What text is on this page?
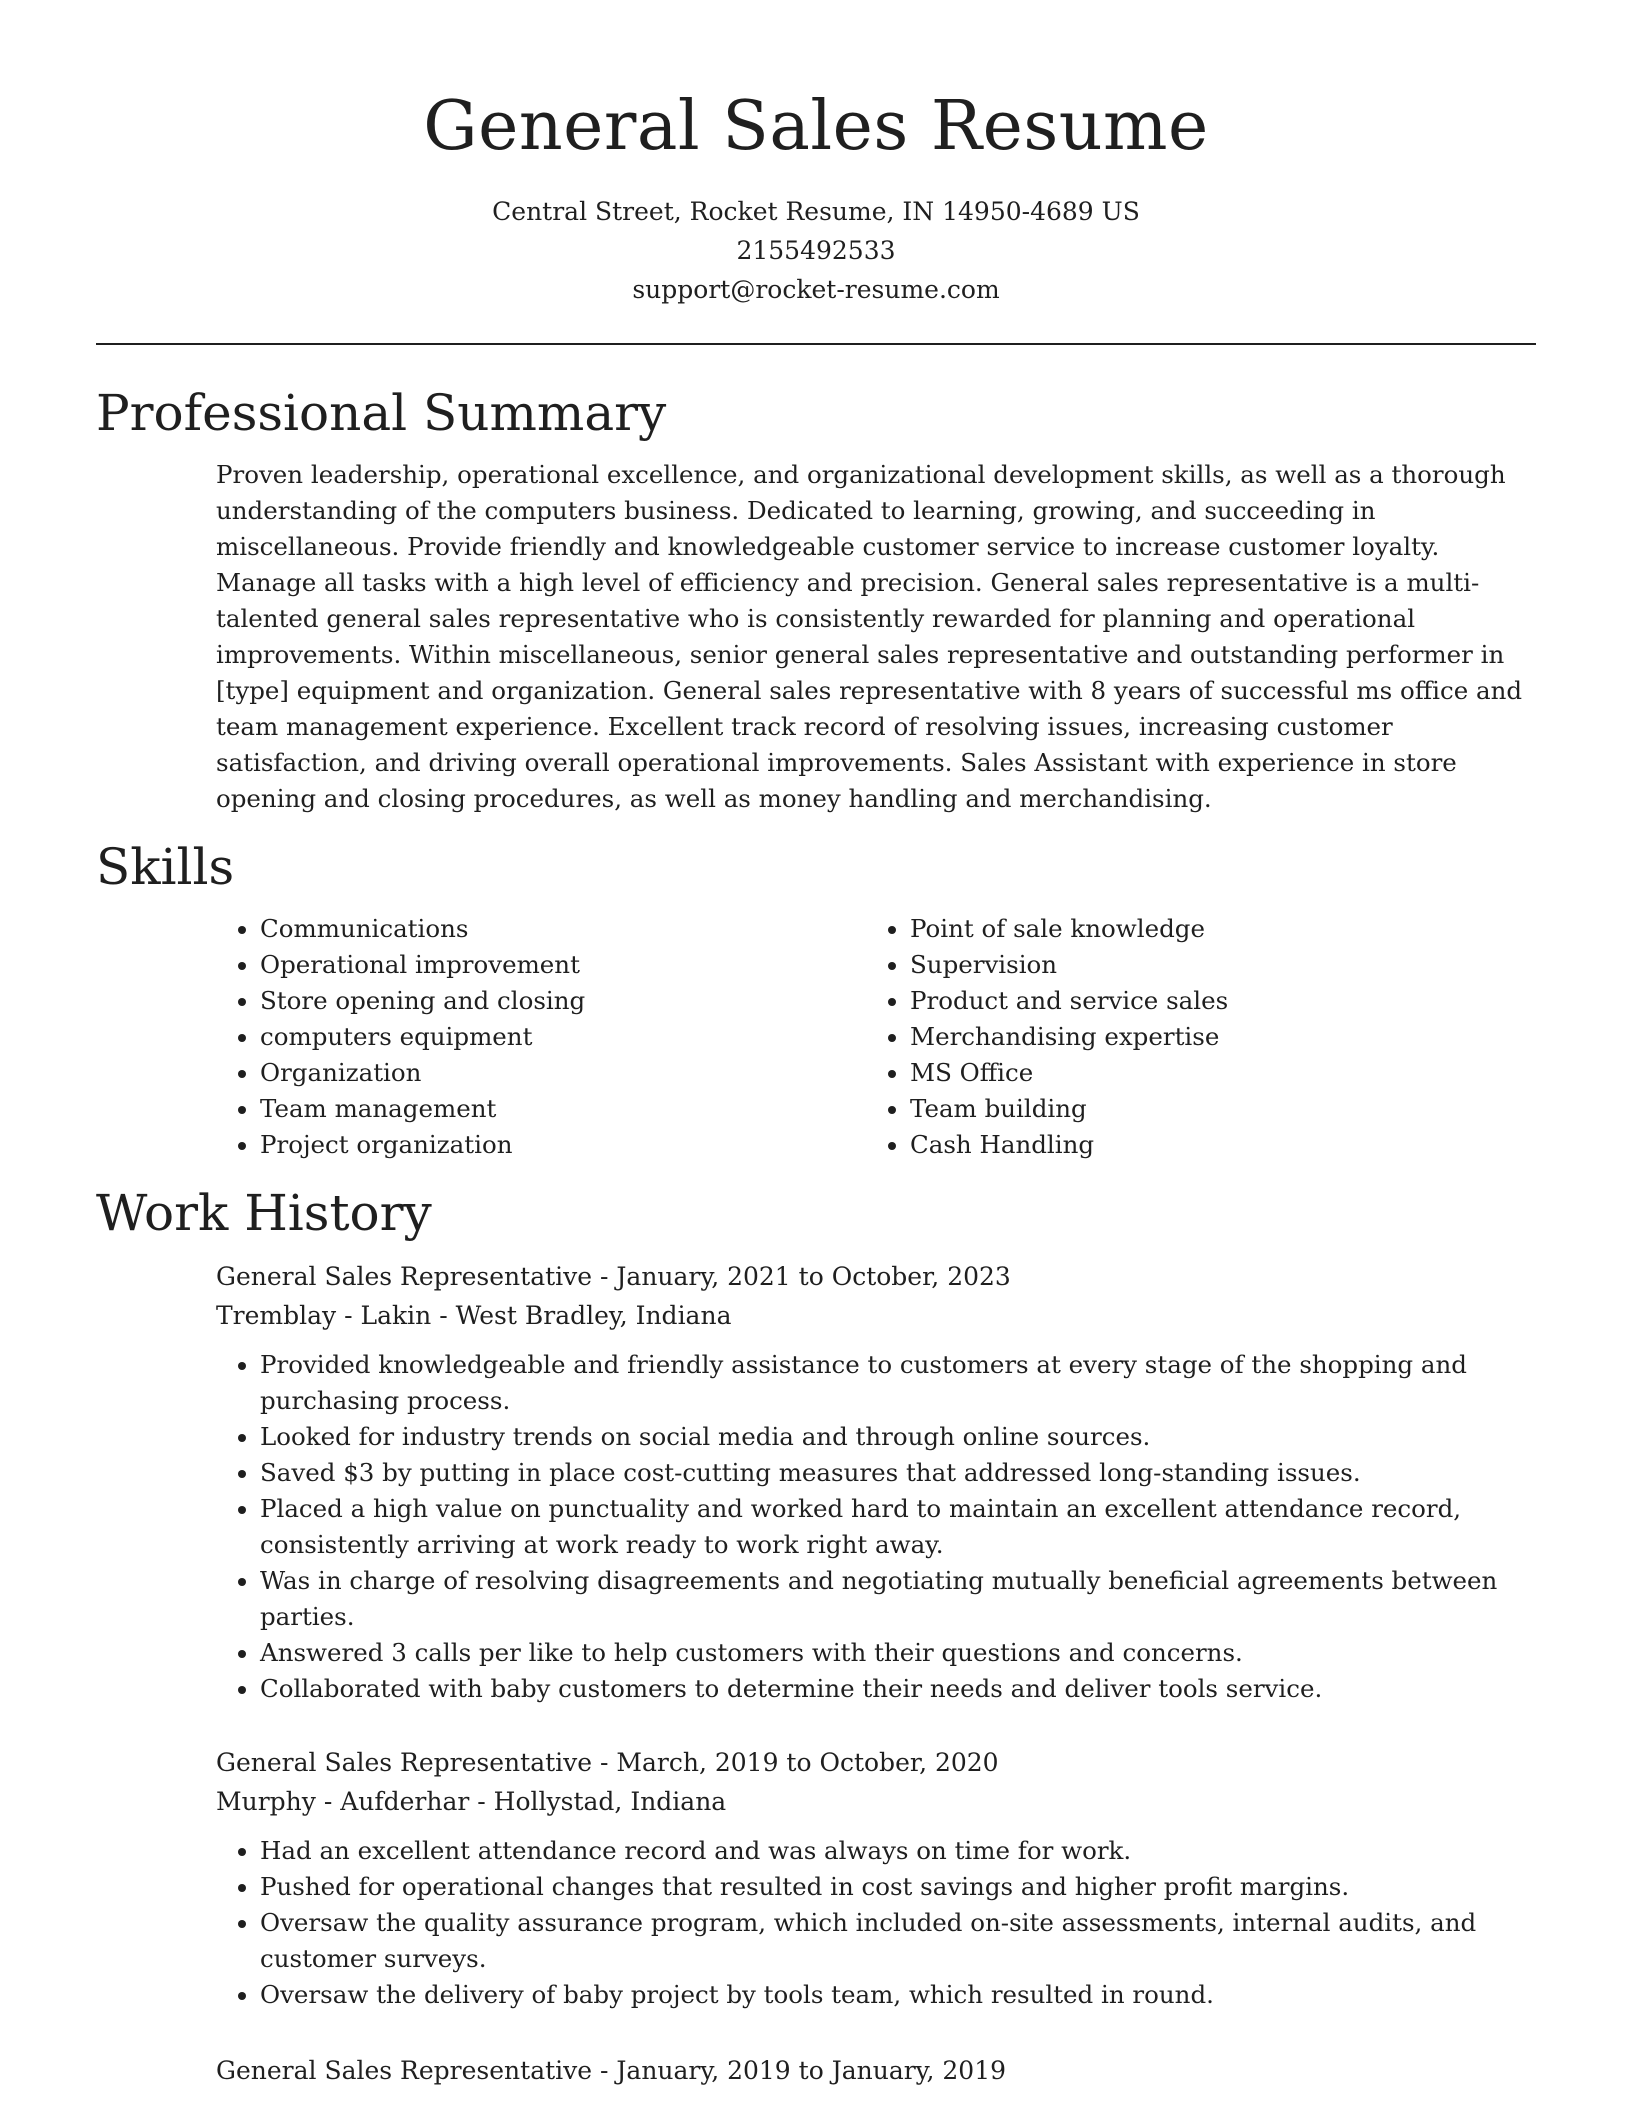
General Sales Resume
Central Street, Rocket Resume, IN 14950-4689 US
2155492533
support@rocket-resume.com
Professional Summary

Proven leadership, operational excellence, and organizational development skills, as well as a thorough understanding of the computers business. Dedicated to learning, growing, and succeeding in miscellaneous. Provide friendly and knowledgeable customer service to increase customer loyalty. Manage all tasks with a high level of efficiency and precision. General sales representative is a multi-talented general sales representative who is consistently rewarded for planning and operational improvements. Within miscellaneous, senior general sales representative and outstanding performer in [type] equipment and organization. General sales representative with 8 years of successful ms office and team management experience. Excellent track record of resolving issues, increasing customer satisfaction, and driving overall operational improvements. Sales Assistant with experience in store opening and closing procedures, as well as money handling and merchandising.

Skills
• Communications
• Operational improvement
• Store opening and closing
• computers equipment
• Organization
• Team management
• Project organization
• Point of sale knowledge
• Supervision
• Product and service sales
• Merchandising expertise
• MS Office
• Team building
• Cash Handling
Work History
General Sales Representative - January, 2021 to October, 2023
Tremblay - Lakin - West Bradley, Indiana
• Provided knowledgeable and friendly assistance to customers at every stage of the shopping and purchasing process.
• Looked for industry trends on social media and through online sources.
• Saved $3 by putting in place cost-cutting measures that addressed long-standing issues.
• Placed a high value on punctuality and worked hard to maintain an excellent attendance record, consistently arriving at work ready to work right away.
• Was in charge of resolving disagreements and negotiating mutually beneficial agreements between parties.
• Answered 3 calls per like to help customers with their questions and concerns.
• Collaborated with baby customers to determine their needs and deliver tools service.
General Sales Representative - March, 2019 to October, 2020
Murphy - Aufderhar - Hollystad, Indiana
• Had an excellent attendance record and was always on time for work.
• Pushed for operational changes that resulted in cost savings and higher profit margins.
• Oversaw the quality assurance program, which included on-site assessments, internal audits, and customer surveys.
• Oversaw the delivery of baby project by tools team, which resulted in round.
General Sales Representative - January, 2019 to January, 2019
